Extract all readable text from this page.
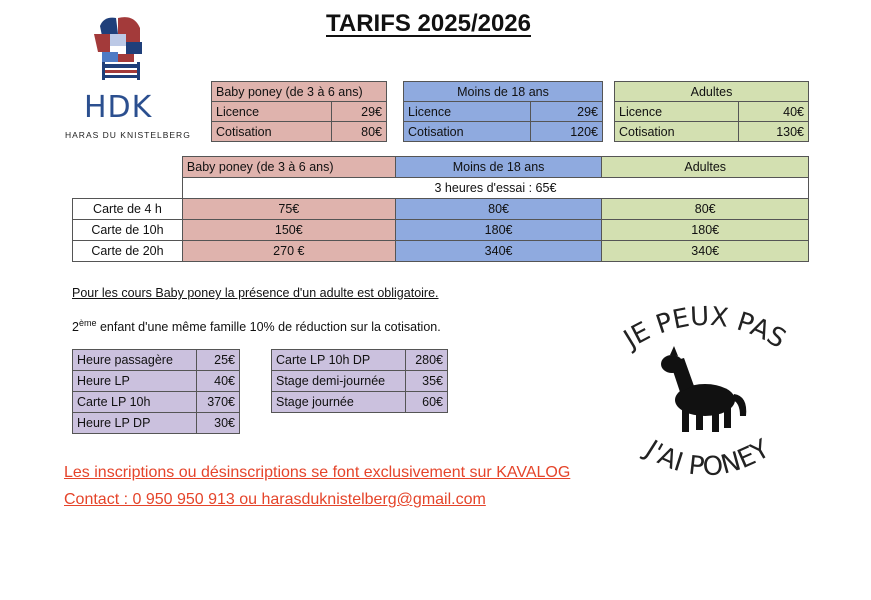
HDK
HARAS DU KNISTELBERG
TARIFS 2025/2026
Baby poney (de 3 à 6 ans)	
Licence	29€
Cotisation	80€
Moins de 18 ans	
Licence	29€
Cotisation	120€
Adultes	
Licence	40€
Cotisation	130€
	Baby poney (de 3 à 6 ans)	Moins de 18 ans	Adultes
	3 heures d'essai : 65€		
Carte de 4 h	75€	80€	80€
Carte de 10h	150€	180€	180€
Carte de 20h	270 €	340€	340€
Pour les cours Baby poney la présence d'un adulte est obligatoire.
2ème enfant d'une même famille 10% de réduction sur la cotisation.
Heure passagère	25€
Heure LP	40€
Carte LP 10h	370€
Heure LP DP	30€
Carte LP 10h DP	280€
Stage demi-journée	35€
Stage journée	60€
Les inscriptions ou désinscriptions se font exclusivement sur KAVALOG
Contact : 0 950 950 913 ou harasduknistelberg@gmail.com
JE PEUX PAS
J'AI PONEY
